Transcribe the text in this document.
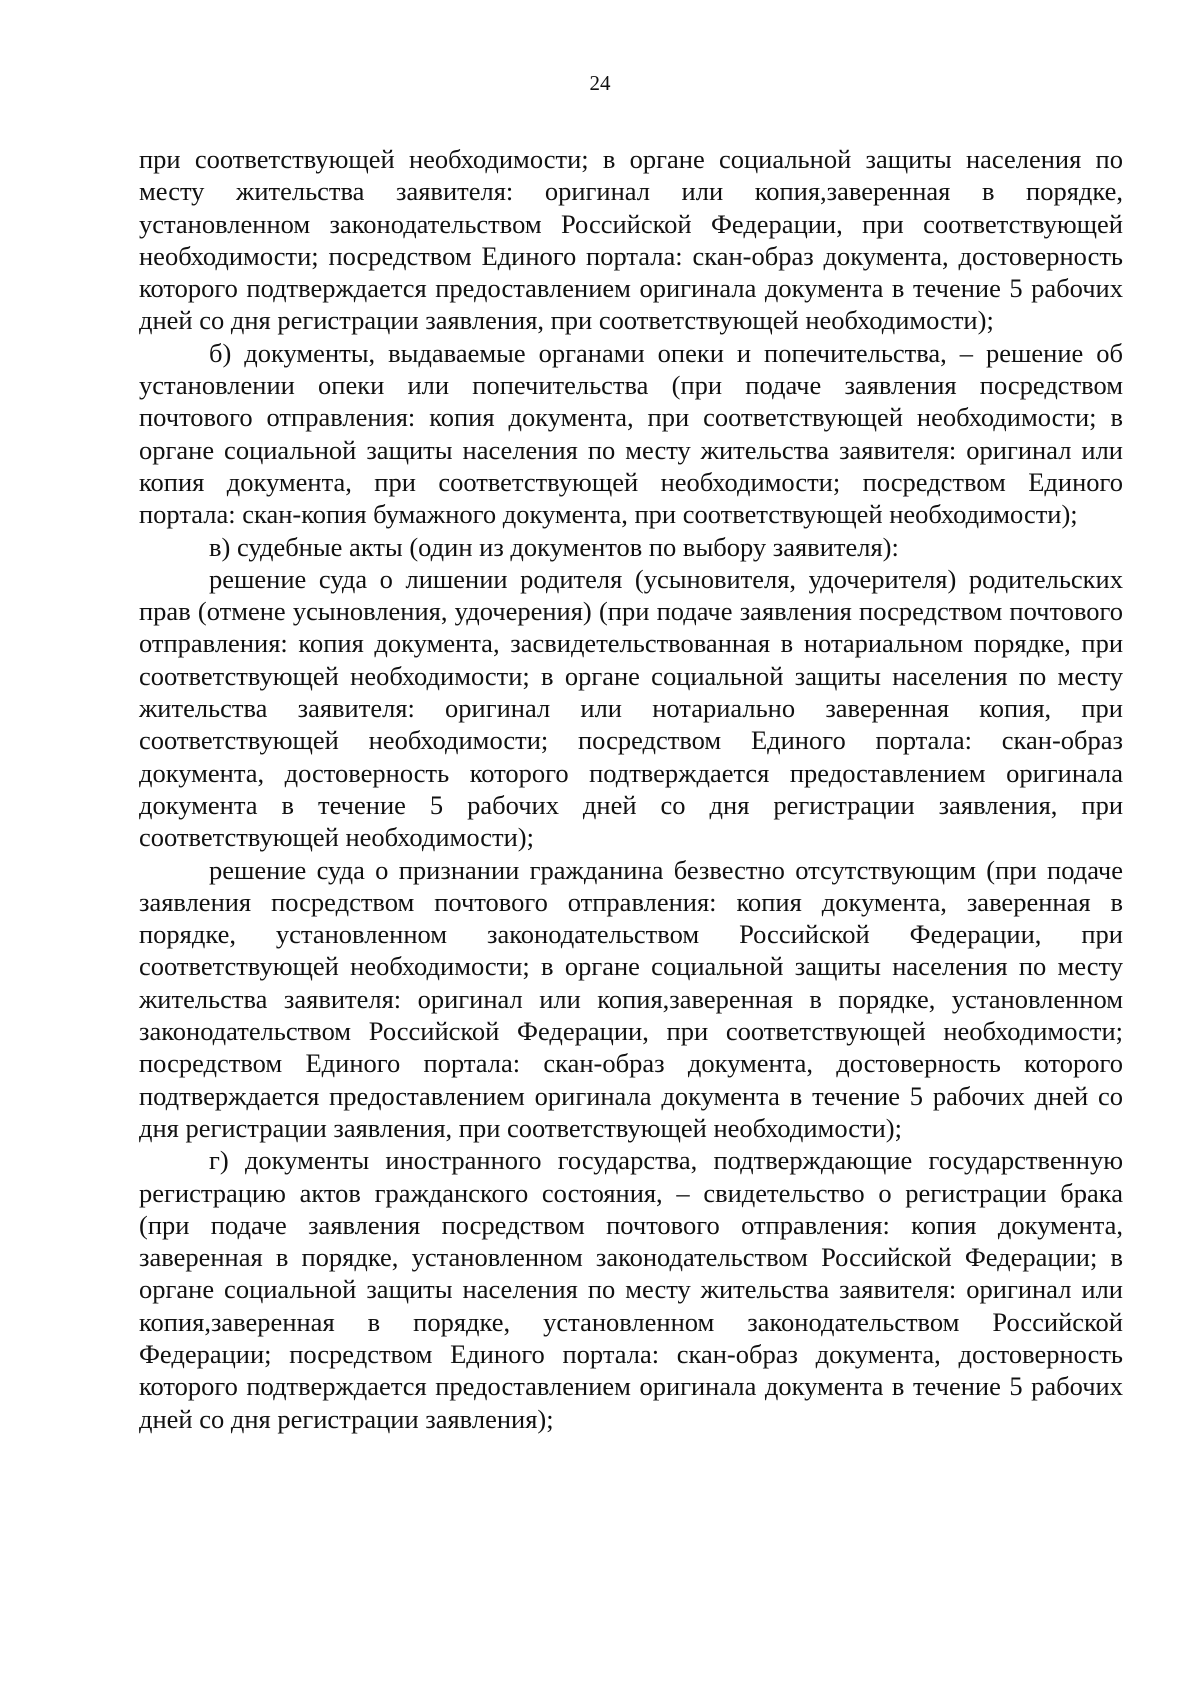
24

при соответствующей необходимости; в органе социальной защиты населения по месту жительства заявителя: оригинал или копия,заверенная в порядке, установленном законодательством Российской Федерации, при соответствующей необходимости; посредством Единого портала: скан-образ документа, достоверность которого подтверждается предоставлением оригинала документа в течение 5 рабочих дней со дня регистрации заявления, при соответствующей необходимости);

б) документы, выдаваемые органами опеки и попечительства, – решение об установлении опеки или попечительства (при подаче заявления посредством почтового отправления: копия документа, при соответствующей необходимости; в органе социальной защиты населения по месту жительства заявителя: оригинал или копия документа, при соответствующей необходимости; посредством Единого портала: скан-копия бумажного документа, при соответствующей необходимости);

в) судебные акты (один из документов по выбору заявителя):

решение суда о лишении родителя (усыновителя, удочерителя) родительских прав (отмене усыновления, удочерения) (при подаче заявления посредством почтового отправления: копия документа, засвидетельствованная в нотариальном порядке, при соответствующей необходимости; в органе социальной защиты населения по месту жительства заявителя: оригинал или нотариально заверенная копия, при соответствующей необходимости; посредством Единого портала: скан-образ документа, достоверность которого подтверждается предоставлением оригинала документа в течение 5 рабочих дней со дня регистрации заявления, при соответствующей необходимости);

решение суда о признании гражданина безвестно отсутствующим (при подаче заявления посредством почтового отправления: копия документа, заверенная в порядке, установленном законодательством Российской Федерации, при соответствующей необходимости; в органе социальной защиты населения по месту жительства заявителя: оригинал или копия,заверенная в порядке, установленном законодательством Российской Федерации, при соответствующей необходимости; посредством Единого портала: скан-образ документа, достоверность которого подтверждается предоставлением оригинала документа в течение 5 рабочих дней со дня регистрации заявления, при соответствующей необходимости);

г) документы иностранного государства, подтверждающие государственную регистрацию актов гражданского состояния, – свидетельство о регистрации брака (при подаче заявления посредством почтового отправления: копия документа, заверенная в порядке, установленном законодательством Российской Федерации; в органе социальной защиты населения по месту жительства заявителя: оригинал или копия,заверенная в порядке, установленном законодательством Российской Федерации; посредством Единого портала: скан-образ документа, достоверность которого подтверждается предоставлением оригинала документа в течение 5 рабочих дней со дня регистрации заявления);
